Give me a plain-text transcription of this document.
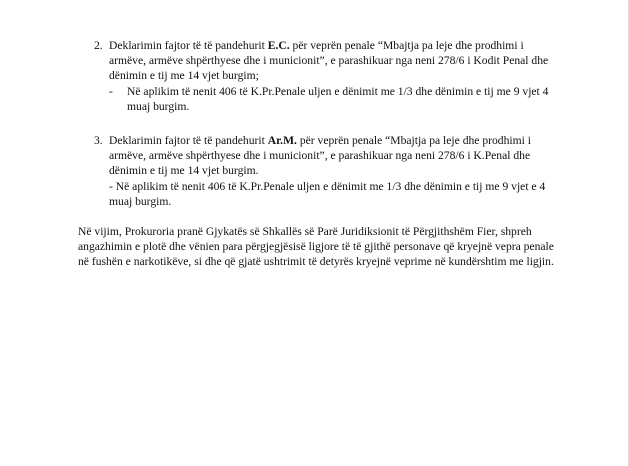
2. Deklarimin fajtor të të pandehurit E.C. për veprën penale “Mbajtja pa leje dhe prodhimi i armëve, armëve shpërthyese dhe i municionit”, e parashikuar nga neni 278/6 i Kodit Penal dhe dënimin e tij me 14 vjet burgim;

- Në aplikim të nenit 406 të K.Pr.Penale uljen e dënimit me 1/3 dhe dënimin e tij me 9 vjet 4 muaj burgim.

3. Deklarimin fajtor të të pandehurit Ar.M. për veprën penale “Mbajtja pa leje dhe prodhimi i armëve, armëve shpërthyese dhe i municionit”, e parashikuar nga neni 278/6 i K.Penal dhe dënimin e tij me 14 vjet burgim.

- Në aplikim të nenit 406 të K.Pr.Penale uljen e dënimit me 1/3 dhe dënimin e tij me 9 vjet e 4 muaj burgim.

Në vijim, Prokuroria pranë Gjykatës së Shkallës së Parë Juridiksionit të Përgjithshëm Fier, shpreh angazhimin e plotë dhe vënien para përgjegjësisë ligjore të të gjithë personave që kryejnë vepra penale në fushën e narkotikëve, si dhe që gjatë ushtrimit të detyrës kryejnë veprime në kundërshtim me ligjin.
